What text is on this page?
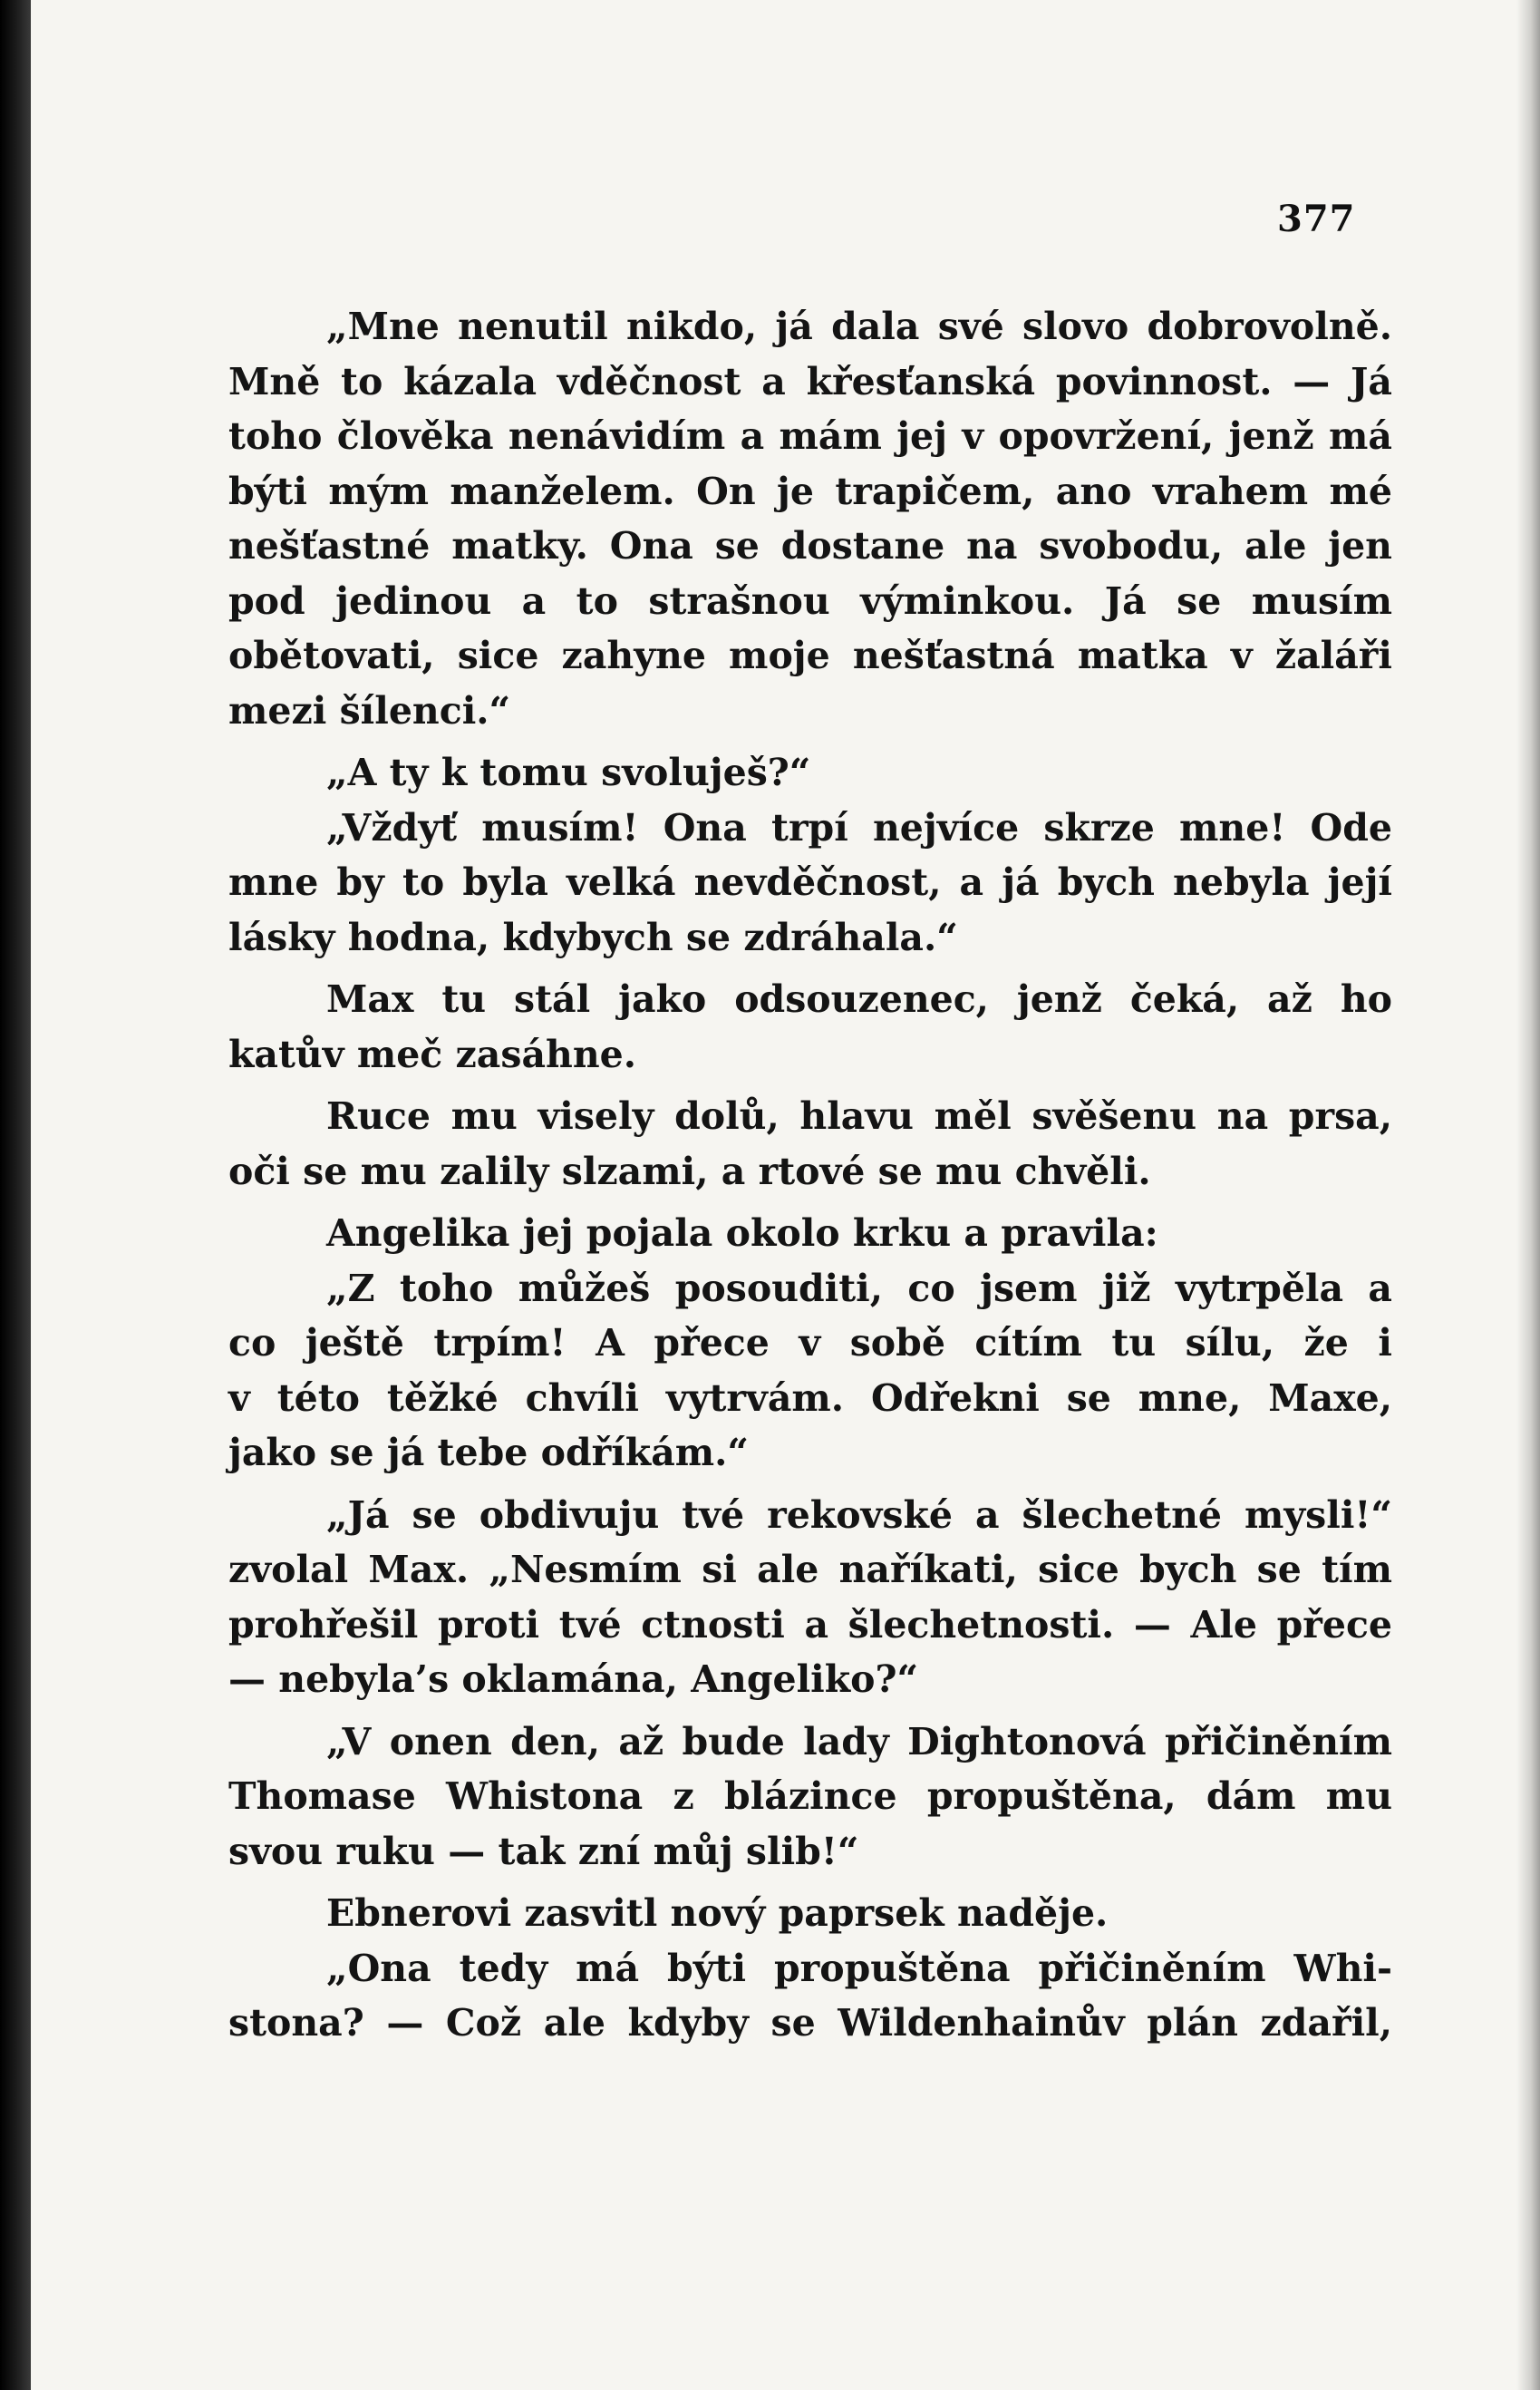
377
„Mne nenutil nikdo, já dala své slovo dobrovolně.
Mně to kázala vděčnost a křesťanská povinnost. — Já
toho člověka nenávidím a mám jej v opovržení, jenž má
býti mým manželem. On je trapičem, ano vrahem mé
nešťastné matky. Ona se dostane na svobodu, ale jen
pod jedinou a to strašnou výminkou. Já se musím
obětovati, sice zahyne moje nešťastná matka v žaláři
mezi šílenci.“
„A ty k tomu svoluješ?“
„Vždyť musím! Ona trpí nejvíce skrze mne! Ode
mne by to byla velká nevděčnost, a já bych nebyla její
lásky hodna, kdybych se zdráhala.“
Max tu stál jako odsouzenec, jenž čeká, až ho
katův meč zasáhne.
Ruce mu visely dolů, hlavu měl svěšenu na prsa,
oči se mu zalily slzami, a rtové se mu chvěli.
Angelika jej pojala okolo krku a pravila:
„Z toho můžeš posouditi, co jsem již vytrpěla a
co ještě trpím! A přece v sobě cítím tu sílu, že i
v této těžké chvíli vytrvám. Odřekni se mne, Maxe,
jako se já tebe odříkám.“
„Já se obdivuju tvé rekovské a šlechetné mysli!“
zvolal Max. „Nesmím si ale naříkati, sice bych se tím
prohřešil proti tvé ctnosti a šlechetnosti. — Ale přece
— nebyla’s oklamána, Angeliko?“
„V onen den, až bude lady Dightonová přičiněním
Thomase Whistona z blázince propuštěna, dám mu
svou ruku — tak zní můj slib!“
Ebnerovi zasvitl nový paprsek naděje.
„Ona tedy má býti propuštěna přičiněním Whi-
stona? — Což ale kdyby se Wildenhainův plán zdařil,
